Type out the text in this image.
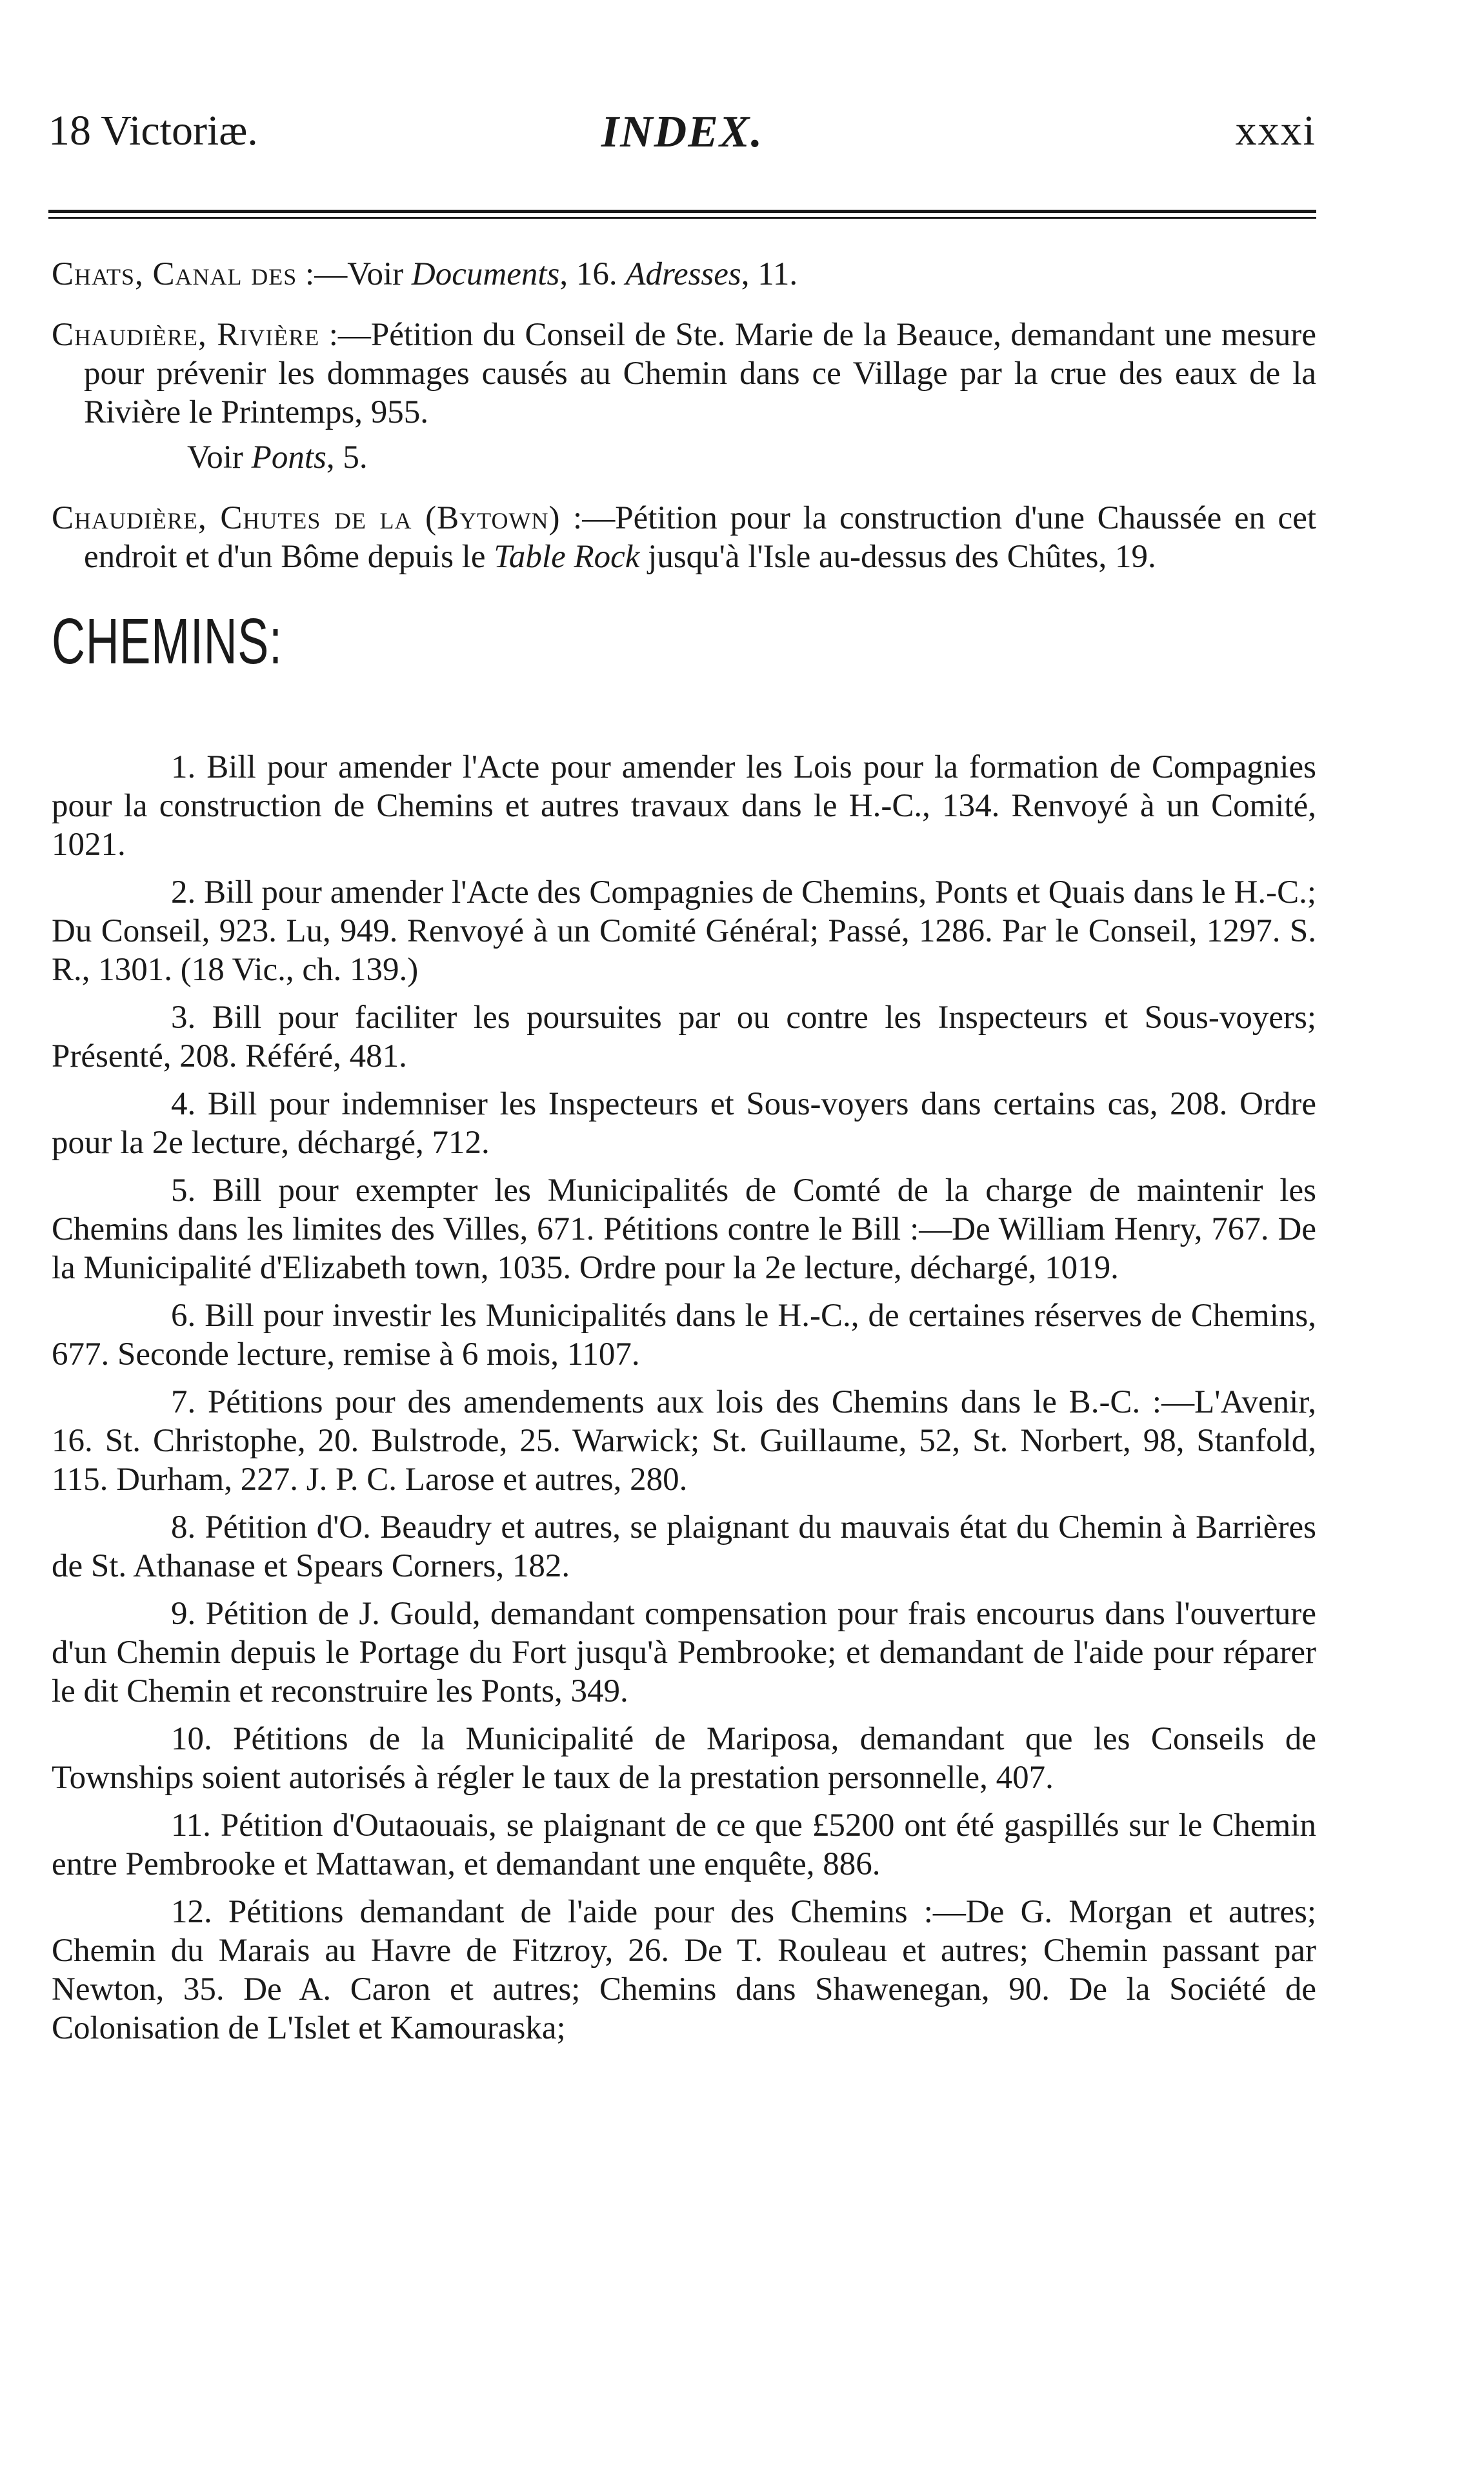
18 Victoriæ.	INDEX.	xxxi

Chats, Canal des :—Voir Documents, 16. Adresses, 11.

Chaudière, Rivière :—Pétition du Conseil de Ste. Marie de la Beauce, demandant une mesure pour prévenir les dommages causés au Chemin dans ce Village par la crue des eaux de la Rivière le Printemps, 955.

Voir Ponts, 5.

Chaudière, Chutes de la (Bytown) :—Pétition pour la construction d'une Chaussée en cet endroit et d'un Bôme depuis le Table Rock jusqu'à l'Isle au-dessus des Chûtes, 19.

CHEMINS:

1. Bill pour amender l'Acte pour amender les Lois pour la formation de Compagnies pour la construction de Chemins et autres travaux dans le H.-C., 134. Renvoyé à un Comité, 1021.

2. Bill pour amender l'Acte des Compagnies de Chemins, Ponts et Quais dans le H.-C.; Du Conseil, 923. Lu, 949. Renvoyé à un Comité Général; Passé, 1286. Par le Conseil, 1297. S. R., 1301. (18 Vic., ch. 139.)

3. Bill pour faciliter les poursuites par ou contre les Inspecteurs et Sous-voyers; Présenté, 208. Référé, 481.

4. Bill pour indemniser les Inspecteurs et Sous-voyers dans certains cas, 208. Ordre pour la 2e lecture, déchargé, 712.

5. Bill pour exempter les Municipalités de Comté de la charge de maintenir les Chemins dans les limites des Villes, 671. Pétitions contre le Bill :—De William Henry, 767. De la Municipalité d'Elizabeth town, 1035. Ordre pour la 2e lecture, déchargé, 1019.

6. Bill pour investir les Municipalités dans le H.-C., de certaines réserves de Chemins, 677. Seconde lecture, remise à 6 mois, 1107.

7. Pétitions pour des amendements aux lois des Chemins dans le B.-C. :—L'Avenir, 16. St. Christophe, 20. Bulstrode, 25. Warwick; St. Guillaume, 52, St. Norbert, 98, Stanfold, 115. Durham, 227. J. P. C. Larose et autres, 280.

8. Pétition d'O. Beaudry et autres, se plaignant du mauvais état du Chemin à Barrières de St. Athanase et Spears Corners, 182.

9. Pétition de J. Gould, demandant compensation pour frais encourus dans l'ouverture d'un Chemin depuis le Portage du Fort jusqu'à Pembrooke; et demandant de l'aide pour réparer le dit Chemin et reconstruire les Ponts, 349.

10. Pétitions de la Municipalité de Mariposa, demandant que les Conseils de Townships soient autorisés à régler le taux de la prestation personnelle, 407.

11. Pétition d'Outaouais, se plaignant de ce que £5200 ont été gaspillés sur le Chemin entre Pembrooke et Mattawan, et demandant une enquête, 886.

12. Pétitions demandant de l'aide pour des Chemins :—De G. Morgan et autres; Chemin du Marais au Havre de Fitzroy, 26. De T. Rouleau et autres; Chemin passant par Newton, 35. De A. Caron et autres; Chemins dans Shawenegan, 90. De la Société de Colonisation de L'Islet et Kamouraska;
